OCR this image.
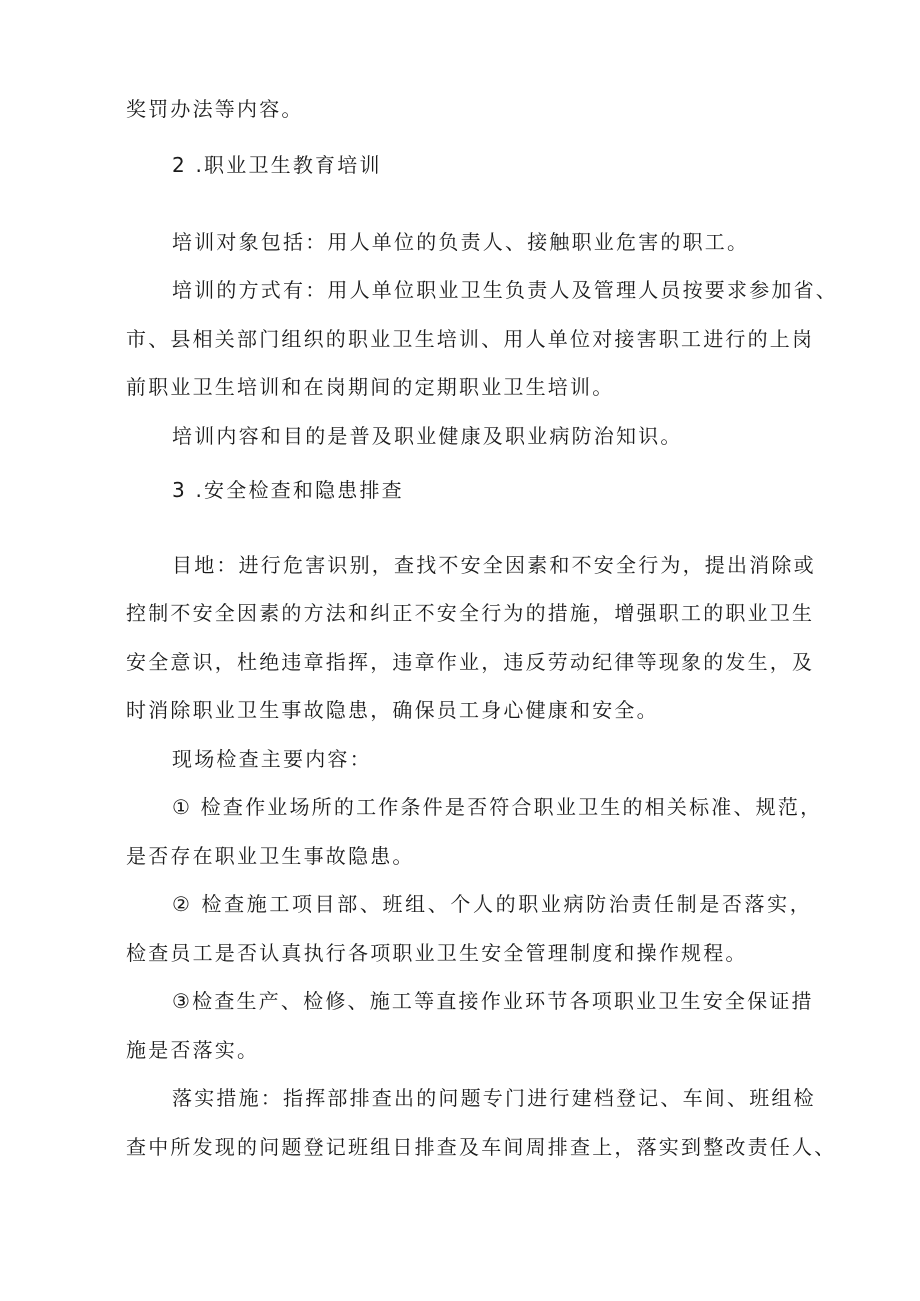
奖罚办法等内容。
2 .职业卫生教育培训
培训对象包括：用人单位的负责人、接触职业危害的职工。
培训的方式有：用人单位职业卫生负责人及管理人员按要求参加省、
市、县相关部门组织的职业卫生培训、用人单位对接害职工进行的上岗
前职业卫生培训和在岗期间的定期职业卫生培训。
培训内容和目的是普及职业健康及职业病防治知识。
3 .安全检查和隐患排查
目地：进行危害识别，查找不安全因素和不安全行为，提出消除或
控制不安全因素的方法和纠正不安全行为的措施，增强职工的职业卫生
安全意识，杜绝违章指挥，违章作业，违反劳动纪律等现象的发生，及
时消除职业卫生事故隐患，确保员工身心健康和安全。
现场检查主要内容：
① 检查作业场所的工作条件是否符合职业卫生的相关标准、规范，
是否存在职业卫生事故隐患。
② 检查施工项目部、班组、个人的职业病防治责任制是否落实，
检查员工是否认真执行各项职业卫生安全管理制度和操作规程。
③检查生产、检修、施工等直接作业环节各项职业卫生安全保证措
施是否落实。
落实措施：指挥部排查出的问题专门进行建档登记、车间、班组检
查中所发现的问题登记班组日排查及车间周排查上，落实到整改责任人、
